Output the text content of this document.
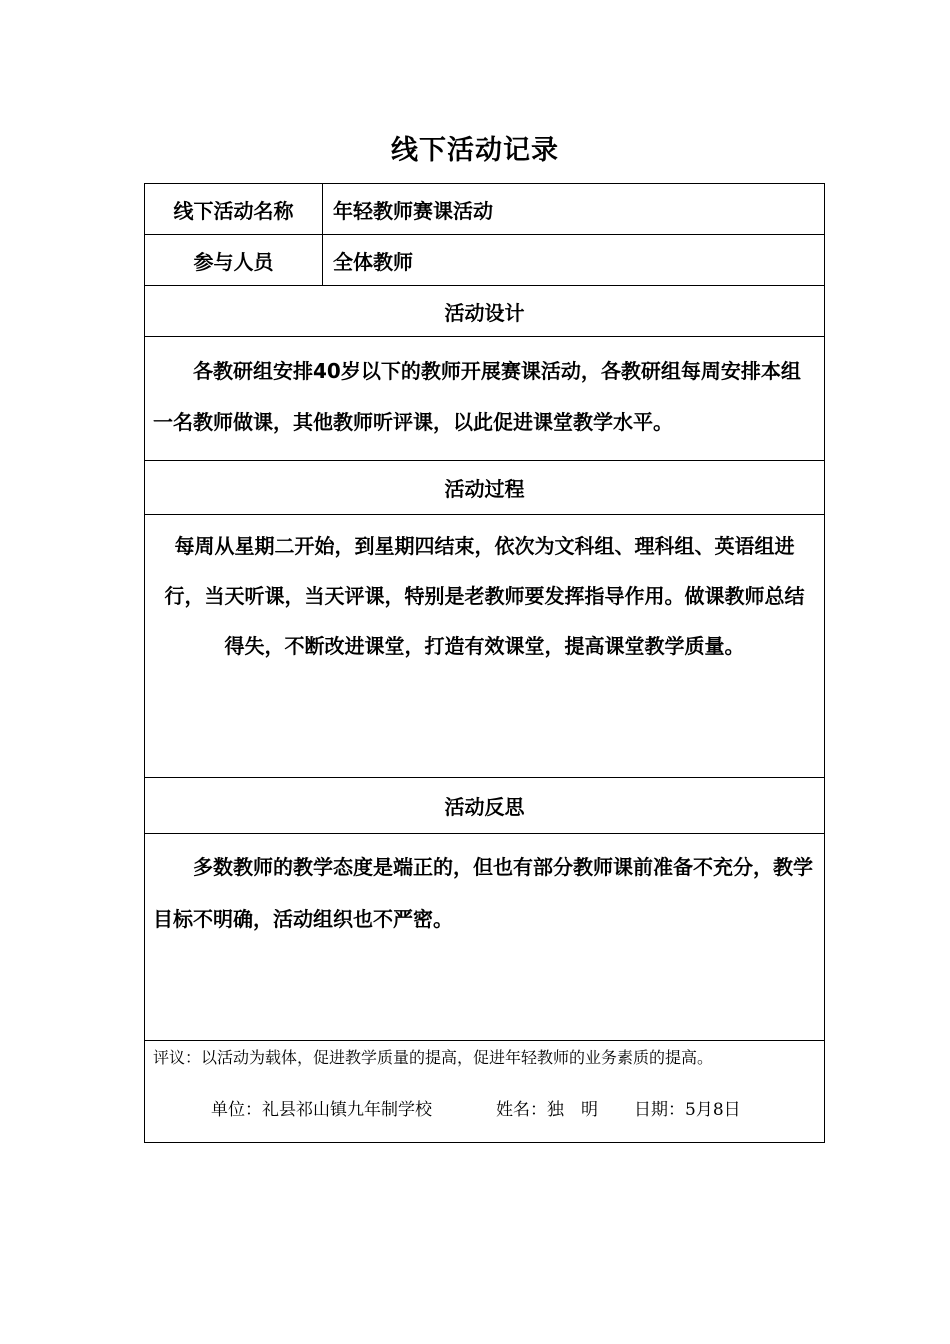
线下活动记录
线下活动名称	年轻教师赛课活动
参与人员	全体教师
活动设计	
各教研组安排40岁以下的教师开展赛课活动，各教研组每周安排本组一名教师做课，其他教师听评课，以此促进课堂教学水平。	
活动过程	
每周从星期二开始，到星期四结束，依次为文科组、理科组、英语组进行，当天听课，当天评课，特别是老教师要发挥指导作用。做课教师总结得失，不断改进课堂，打造有效课堂，提高课堂教学质量。	
活动反思	
多数教师的教学态度是端正的，但也有部分教师课前准备不充分，教学目标不明确，活动组织也不严密。	

评议：以活动为载体，促进教学质量的提高，促进年轻教师的业务素质的提高。
单位：礼县祁山镇九年制学校 姓名：独　明 日期：5月8日	
